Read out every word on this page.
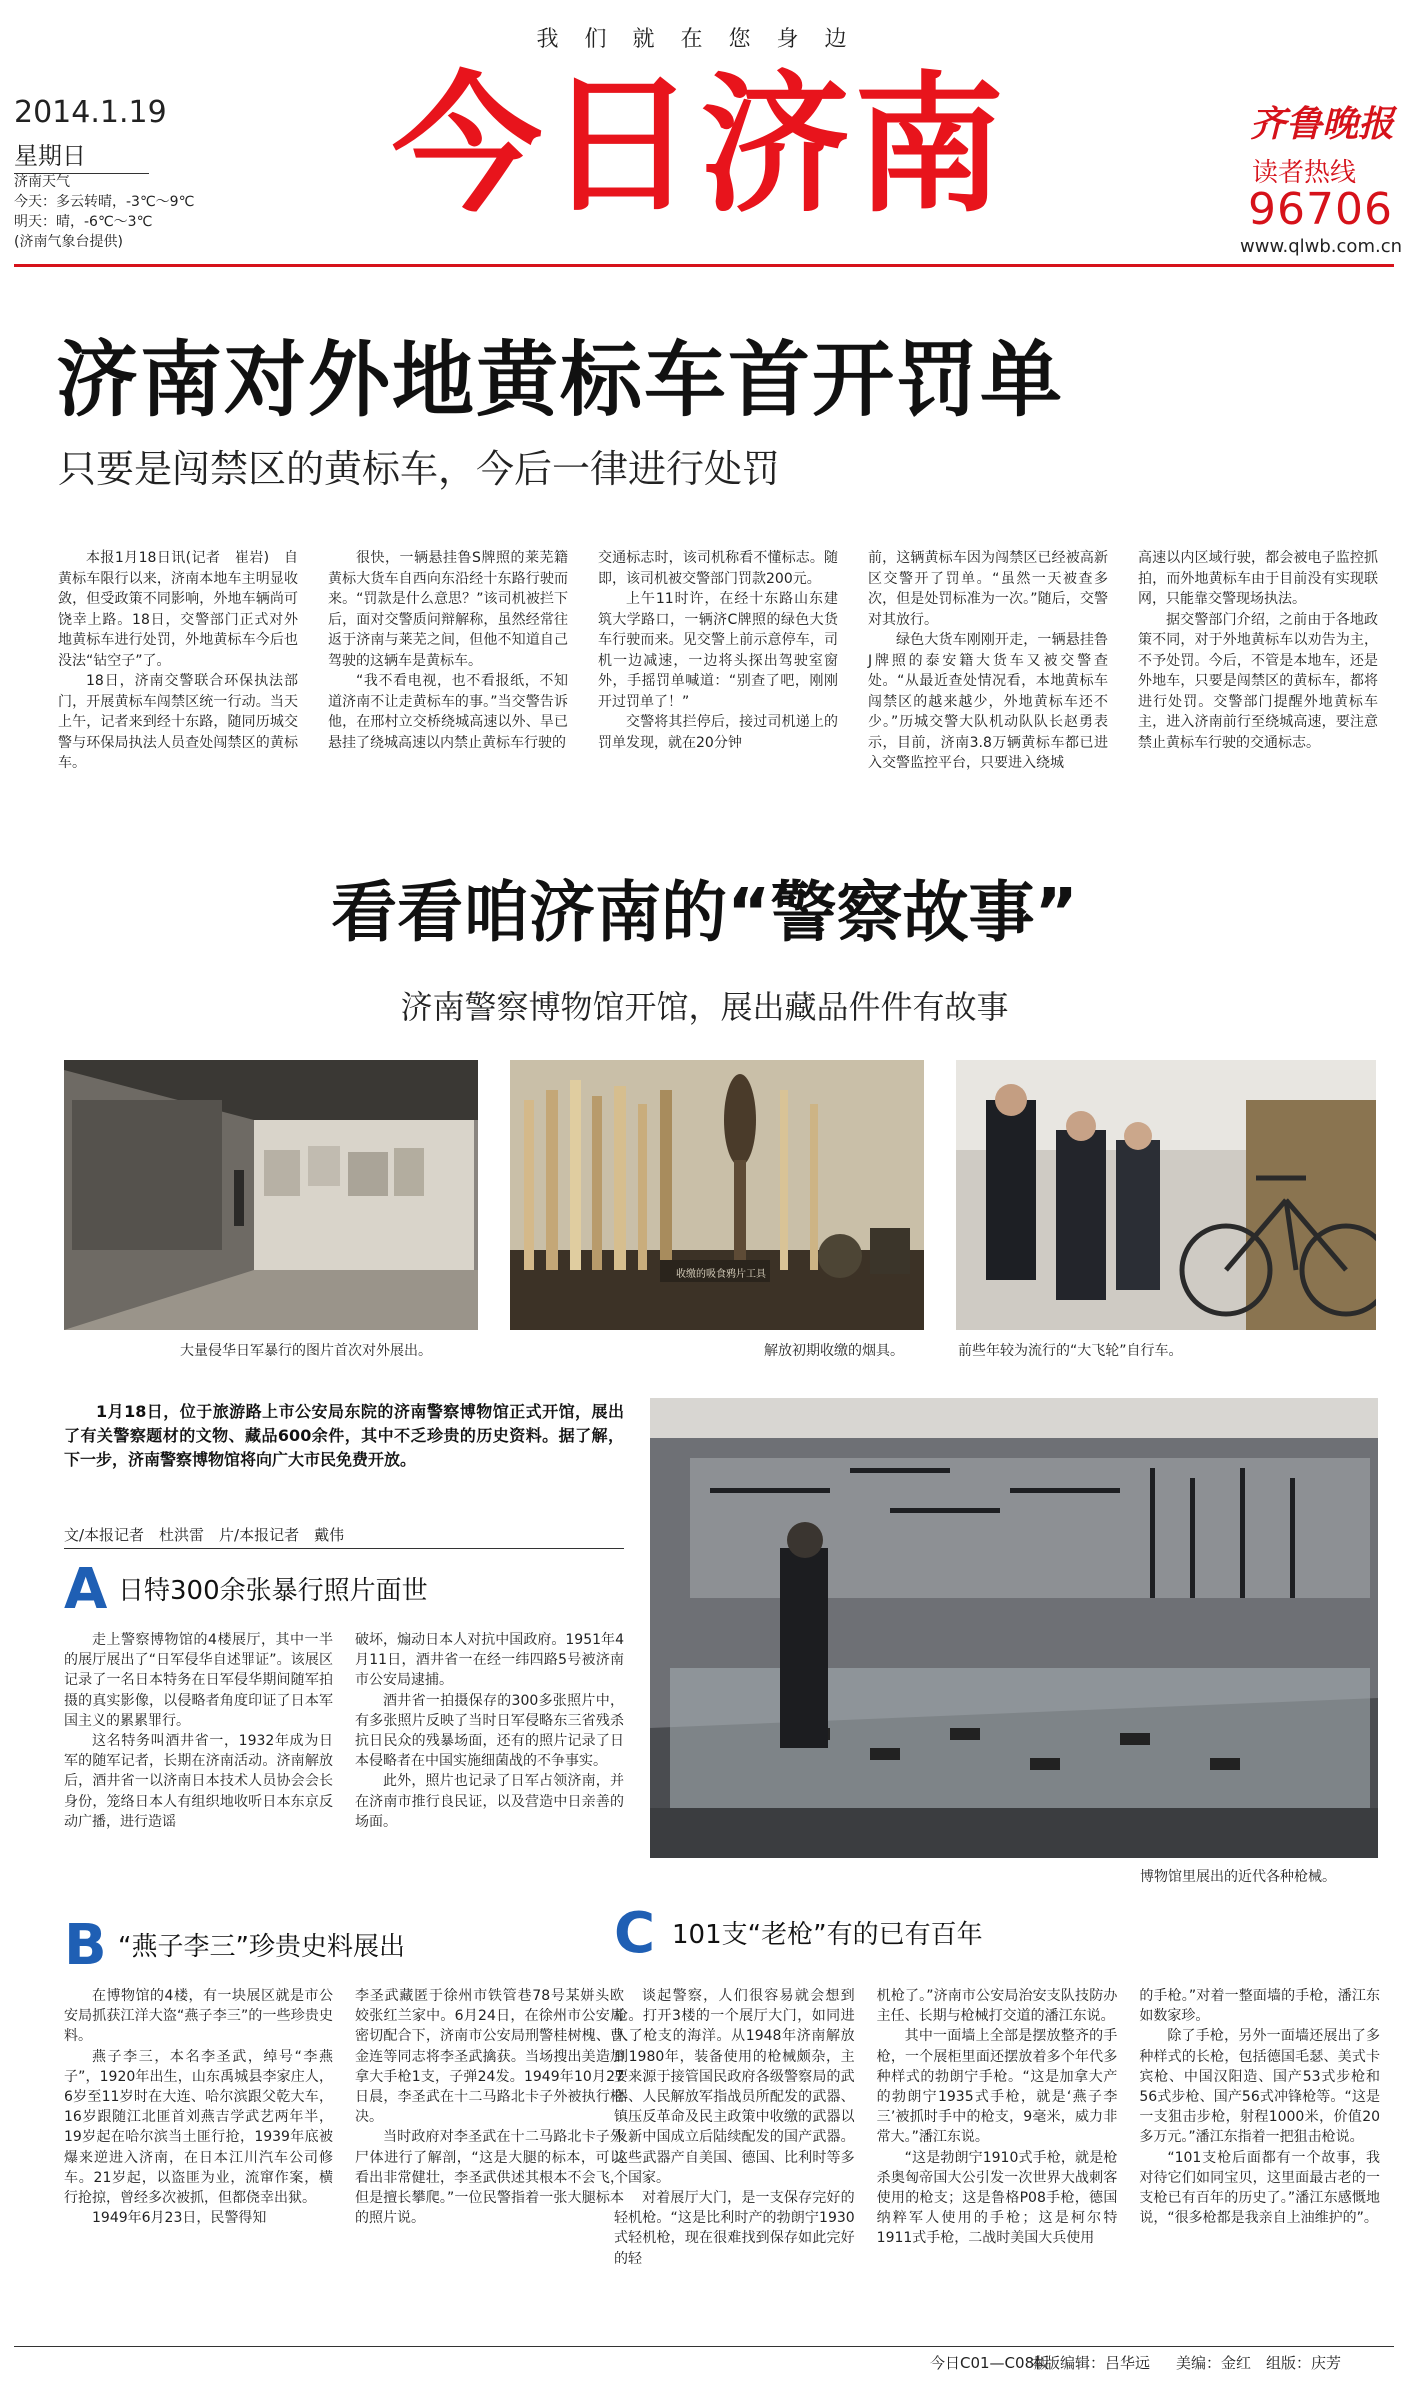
我们就在您身边
2014.1.19
星期日
济南天气
今天：多云转晴，-3℃～9℃
明天：晴，-6℃～3℃
(济南气象台提供)
今日济南	齐鲁晚报
读者热线
96706
www.qlwb.com.cn
济南对外地黄标车首开罚单
只要是闯禁区的黄标车，今后一律进行处罚

本报1月18日讯(记者　崔岩)　自黄标车限行以来，济南本地车主明显收敛，但受政策不同影响，外地车辆尚可饶幸上路。18日，交警部门正式对外地黄标车进行处罚，外地黄标车今后也没法“钻空子”了。

18日，济南交警联合环保执法部门，开展黄标车闯禁区统一行动。当天上午，记者来到经十东路，随同历城交警与环保局执法人员查处闯禁区的黄标车。

很快，一辆悬挂鲁S牌照的莱芜籍黄标大货车自西向东沿经十东路行驶而来。“罚款是什么意思？”该司机被拦下后，面对交警质问辩解称，虽然经常往返于济南与莱芜之间，但他不知道自己驾驶的这辆车是黄标车。

“我不看电视，也不看报纸，不知道济南不让走黄标车的事。”当交警告诉他，在邢村立交桥绕城高速以外、旱已悬挂了绕城高速以内禁止黄标车行驶的

交通标志时，该司机称看不懂标志。随即，该司机被交警部门罚款200元。

上午11时许，在经十东路山东建筑大学路口，一辆济C牌照的绿色大货车行驶而来。见交警上前示意停车，司机一边减速，一边将头探出驾驶室窗外，手摇罚单喊道：“别查了吧，刚刚开过罚单了！”

交警将其拦停后，接过司机递上的罚单发现，就在20分钟

前，这辆黄标车因为闯禁区已经被高新区交警开了罚单。“虽然一天被查多次，但是处罚标准为一次。”随后，交警对其放行。

绿色大货车刚刚开走，一辆悬挂鲁J牌照的泰安籍大货车又被交警查处。“从最近查处情况看，本地黄标车闯禁区的越来越少，外地黄标车还不少。”历城交警大队机动队队长赵勇表示，目前，济南3.8万辆黄标车都已进入交警监控平台，只要进入绕城

高速以内区域行驶，都会被电子监控抓拍，而外地黄标车由于目前没有实现联网，只能靠交警现场执法。

据交警部门介绍，之前由于各地政策不同，对于外地黄标车以劝告为主，不予处罚。今后，不管是本地车，还是外地车，只要是闯禁区的黄标车，都将进行处罚。交警部门提醒外地黄标车主，进入济南前行至绕城高速，要注意禁止黄标车行驶的交通标志。

看看咱济南的“警察故事”
济南警察博物馆开馆，展出藏品件件有故事
大量侵华日军暴行的图片首次对外展出。
收缴的吸食鸦片工具
解放初期收缴的烟具。	前些年较为流行的“大飞轮”自行车。
1月18日，位于旅游路上市公安局东院的济南警察博物馆正式开馆，展出了有关警察题材的文物、藏品600余件，其中不乏珍贵的历史资料。据了解，下一步，济南警察博物馆将向广大市民免费开放。
文/本报记者　杜洪雷　片/本报记者　戴伟
博物馆里展出的近代各种枪械。
A 日特300余张暴行照片面世

走上警察博物馆的4楼展厅，其中一半的展厅展出了“日军侵华自述罪证”。该展区记录了一名日本特务在日军侵华期间随军拍摄的真实影像，以侵略者角度印证了日本军国主义的累累罪行。

这名特务叫酒井省一，1932年成为日军的随军记者，长期在济南活动。济南解放后，酒井省一以济南日本技术人员协会会长身份，笼络日本人有组织地收听日本东京反动广播，进行造谣

破坏，煽动日本人对抗中国政府。1951年4月11日，酒井省一在经一纬四路5号被济南市公安局逮捕。

酒井省一拍摄保存的300多张照片中，有多张照片反映了当时日军侵略东三省残杀抗日民众的残暴场面，还有的照片记录了日本侵略者在中国实施细菌战的不争事实。

此外，照片也记录了日军占领济南，并在济南市推行良民证，以及营造中日亲善的场面。

B “燕子李三”珍贵史料展出

在博物馆的4楼，有一块展区就是市公安局抓获江洋大盗“燕子李三”的一些珍贵史料。

燕子李三，本名李圣武，绰号“李燕子”，1920年出生，山东禹城县李家庄人，6岁至11岁时在大连、哈尔滨跟父乾大车，16岁跟随江北匪首刘燕吉学武艺两年半，19岁起在哈尔滨当土匪行抢，1939年底被爆来逆进入济南，在日本江川汽车公司修车。21岁起，以盗匪为业，流窜作案，横行抢掠，曾经多次被抓，但都侥幸出狱。

1949年6月23日，民警得知

李圣武藏匿于徐州市铁管巷78号某姘头欧姣张红兰家中。6月24日，在徐州市公安局密切配合下，济南市公安局刑警桂树槐、曹金连等同志将李圣武擒获。当场搜出美造加拿大手枪1支，子弹24发。1949年10月27日晨，李圣武在十二马路北卡子外被执行枪决。

当时政府对李圣武在十二马路北卡子外尸体进行了解剖，“这是大腿的标本，可以看出非常健壮，李圣武供述其根本不会飞，但是擅长攀爬。”一位民警指着一张大腿标本的照片说。

C 101支“老枪”有的已有百年

谈起警察，人们很容易就会想到枪。打开3楼的一个展厅大门，如同进入了枪支的海洋。从1948年济南解放到1980年，装备使用的枪械颇杂，主要来源于接管国民政府各级警察局的武器、人民解放军指战员所配发的武器、镇压反革命及民主政策中收缴的武器以及新中国成立后陆续配发的国产武器。这些武器产自美国、德国、比利时等多个国家。

对着展厅大门，是一支保存完好的轻机枪。“这是比利时产的勃朗宁1930式轻机枪，现在很难找到保存如此完好的轻

机枪了。”济南市公安局治安支队技防办主任、长期与枪械打交道的潘江东说。

其中一面墙上全部是摆放整齐的手枪，一个展柜里面还摆放着多个年代多种样式的勃朗宁手枪。“这是加拿大产的勃朗宁1935式手枪，就是‘燕子李三’被抓时手中的枪支，9毫米，威力非常大。”潘江东说。

“这是勃朗宁1910式手枪，就是枪杀奥匈帝国大公引发一次世界大战刺客使用的枪支；这是鲁格P08手枪，德国纳粹军人使用的手枪；这是柯尔特1911式手枪，二战时美国大兵使用

的手枪。”对着一整面墙的手枪，潘江东如数家珍。

除了手枪，另外一面墙还展出了多种样式的长枪，包括德国毛瑟、美式卡宾枪、中国汉阳造、国产53式步枪和56式步枪、国产56式冲锋枪等。“这是一支狙击步枪，射程1000米，价值20多万元。”潘江东指着一把狙击枪说。

“101支枪后面都有一个故事，我对待它们如同宝贝，这里面最古老的一支枪已有百年的历史了。”潘江东感慨地说，“很多枪都是我亲自上油维护的”。

今日C01—C08版
本版编辑：吕华远 美编：金红 组版：庆芳
